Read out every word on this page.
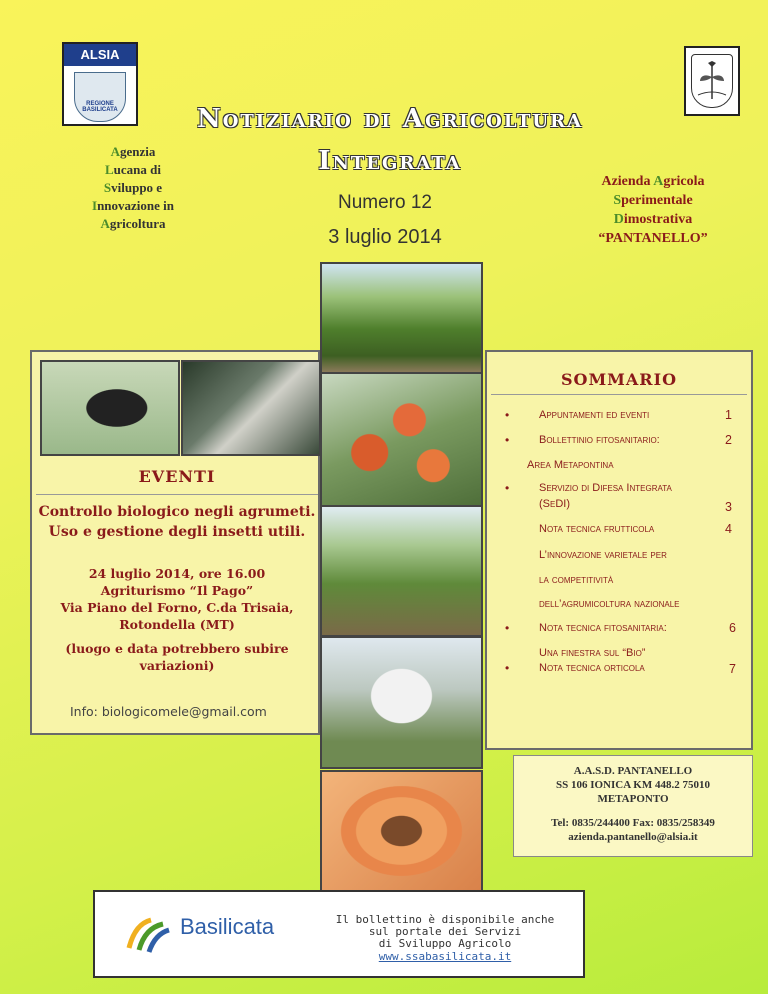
ALSIA
REGIONE BASILICATA	Notiziario di Agricoltura
Integrata
Agenzia
Lucana di
Sviluppo e
Innovazione in
Agricoltura
Numero 12
3 luglio 2014
Azienda Agricola
Sperimentale
Dimostrativa
“PANTANELLO”
EVENTI
Controllo biologico negli agrumeti.
Uso e gestione degli insetti utili.
24 luglio 2014, ore 16.00
Agriturismo “Il Pago”
Via Piano del Forno, C.da Trisaia,
Rotondella (MT)
(luogo e data potrebbero subire
variazioni)
Info: biologicomele@gmail.com
SOMMARIO
•	Appuntamenti ed eventi	1
•	Bollettinio fitosanitario:	2
Area Metapontina
•	Servizio di Difesa Integrata
(SeDI)	3
Nota tecnica frutticola	4
L’innovazione varietale per
la competitività
dell’agrumicoltura nazionale
•	Nota tecnica fitosanitaria:	6
Una finestra sul “Bio”
•	Nota tecnica orticola	7
A.A.S.D. PANTANELLO
SS 106 IONICA KM 448.2 75010
METAPONTO
Tel: 0835/244400 Fax: 0835/258349
azienda.pantanello@alsia.it
Basilicata	Il bollettino è disponibile anche
sul portale dei Servizi
di Sviluppo Agricolo
www.ssabasilicata.it
